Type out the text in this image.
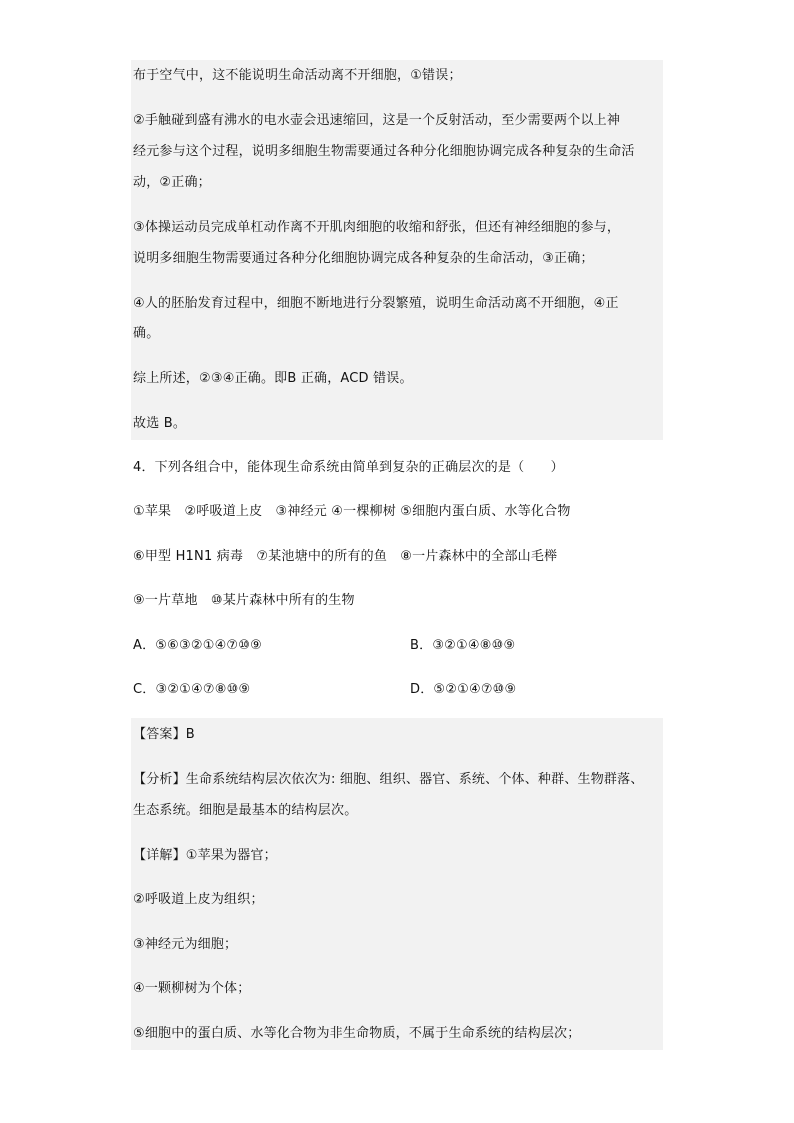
布于空气中，这不能说明生命活动离不开细胞，①错误；
②手触碰到盛有沸水的电水壶会迅速缩回，这是一个反射活动，至少需要两个以上神
经元参与这个过程，说明多细胞生物需要通过各种分化细胞协调完成各种复杂的生命活
动，②正确；
③体操运动员完成单杠动作离不开肌肉细胞的收缩和舒张，但还有神经细胞的参与，
说明多细胞生物需要通过各种分化细胞协调完成各种复杂的生命活动，③正确；
④人的胚胎发育过程中，细胞不断地进行分裂繁殖，说明生命活动离不开细胞，④正
确。
综上所述，②③④正确。即B 正确，ACD 错误。
故选 B。
4．下列各组合中，能体现生命系统由简单到复杂的正确层次的是（　　）
①苹果　②呼吸道上皮　③神经元 ④一棵柳树 ⑤细胞内蛋白质、水等化合物
⑥甲型 H1N1 病毒　⑦某池塘中的所有的鱼　⑧一片森林中的全部山毛榉
⑨一片草地　⑩某片森林中所有的生物
A．⑤⑥③②①④⑦⑩⑨	B．③②①④⑧⑩⑨
C．③②①④⑦⑧⑩⑨	D．⑤②①④⑦⑩⑨
【答案】B
【分析】生命系统结构层次依次为: 细胞、组织、器官、系统、个体、种群、生物群落、
生态系统。细胞是最基本的结构层次。
【详解】①苹果为器官；
②呼吸道上皮为组织；
③神经元为细胞；
④一颗柳树为个体；
⑤细胞中的蛋白质、水等化合物为非生命物质，不属于生命系统的结构层次；
